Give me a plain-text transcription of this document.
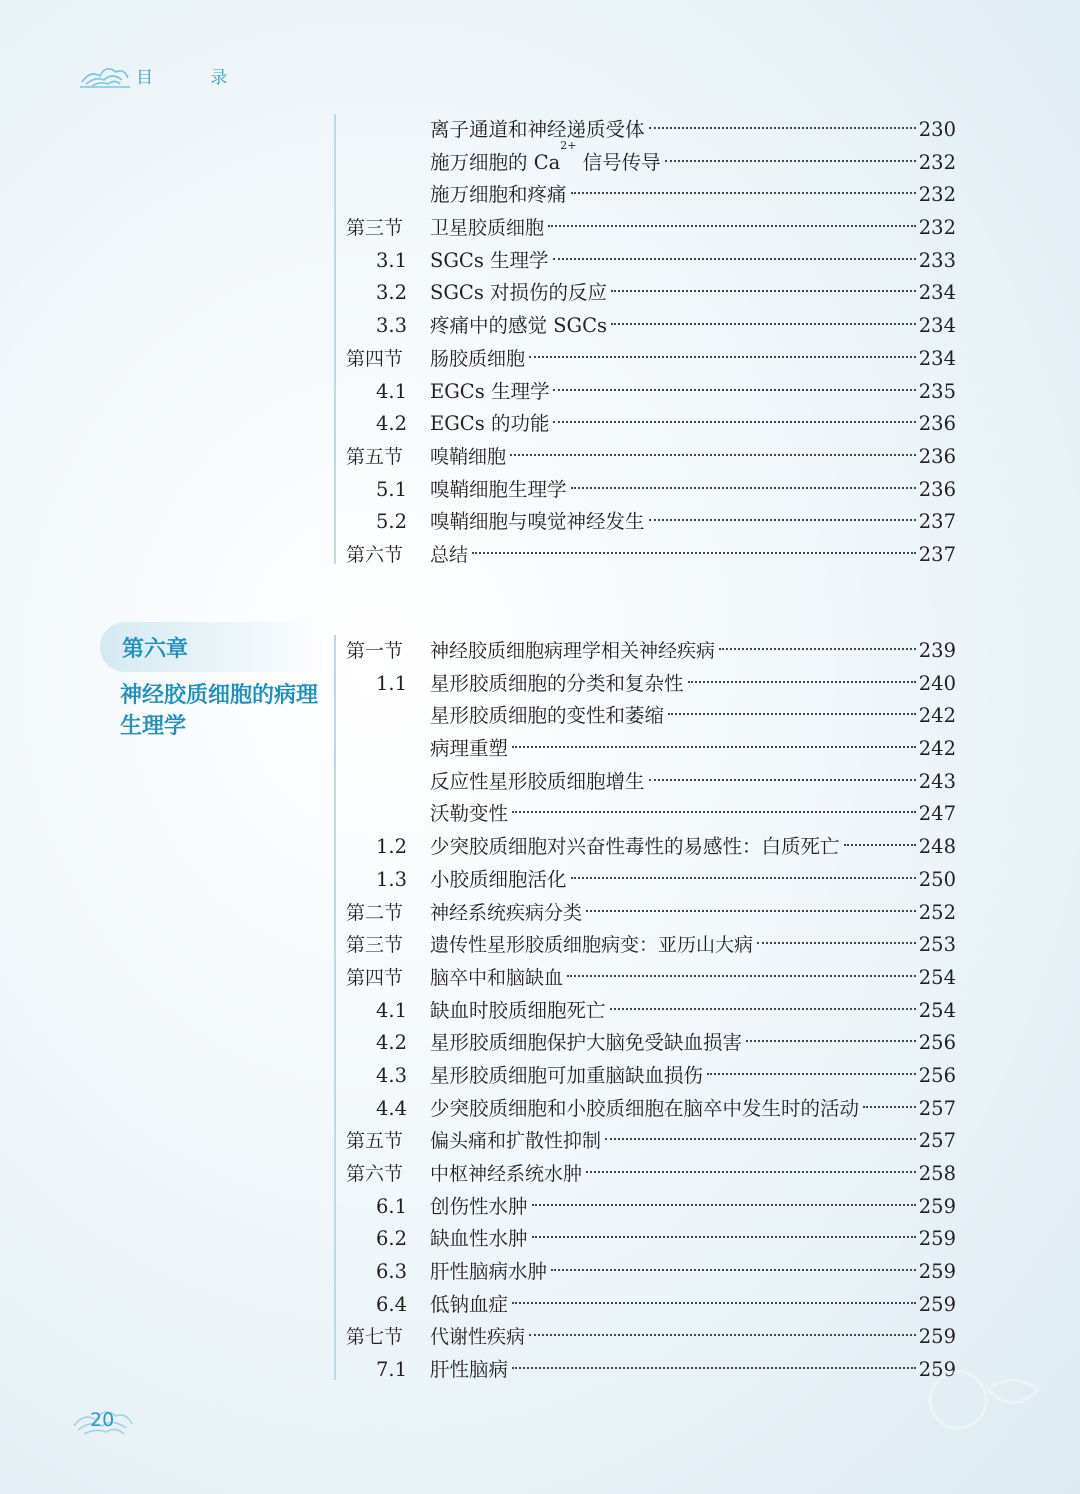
目 录
离子通道和神经递质受体	230
施万细胞的 $Ca^{2+}$ 信号传导	232
施万细胞和疼痛	232
第三节	卫星胶质细胞	232
3.1 SGCs 生理学	233
3.2 SGCs 对损伤的反应	234
3.3 疼痛中的感觉 SGCs	234
第四节	肠胶质细胞	234
4.1 EGCs 生理学	235
4.2 EGCs 的功能	236
第五节	嗅鞘细胞	236
5.1 嗅鞘细胞生理学	236
5.2 嗅鞘细胞与嗅觉神经发生	237
第六节	总结	237
第六章
神经胶质细胞的病理生理学
第一节	神经胶质细胞病理学相关神经疾病	239
1.1 星形胶质细胞的分类和复杂性	240
星形胶质细胞的变性和萎缩	242
病理重塑	242
反应性星形胶质细胞增生	243
沃勒变性	247
1.2 少突胶质细胞对兴奋性毒性的易感性：白质死亡	248
1.3 小胶质细胞活化	250
第二节	神经系统疾病分类	252
第三节	遗传性星形胶质细胞病变：亚历山大病	253
第四节	脑卒中和脑缺血	254
4.1 缺血时胶质细胞死亡	254
4.2 星形胶质细胞保护大脑免受缺血损害	256
4.3 星形胶质细胞可加重脑缺血损伤	256
4.4 少突胶质细胞和小胶质细胞在脑卒中发生时的活动	257
第五节	偏头痛和扩散性抑制	257
第六节	中枢神经系统水肿	258
6.1 创伤性水肿	259
6.2 缺血性水肿	259
6.3 肝性脑病水肿	259
6.4 低钠血症	259
第七节	代谢性疾病	259
7.1 肝性脑病	259
20
